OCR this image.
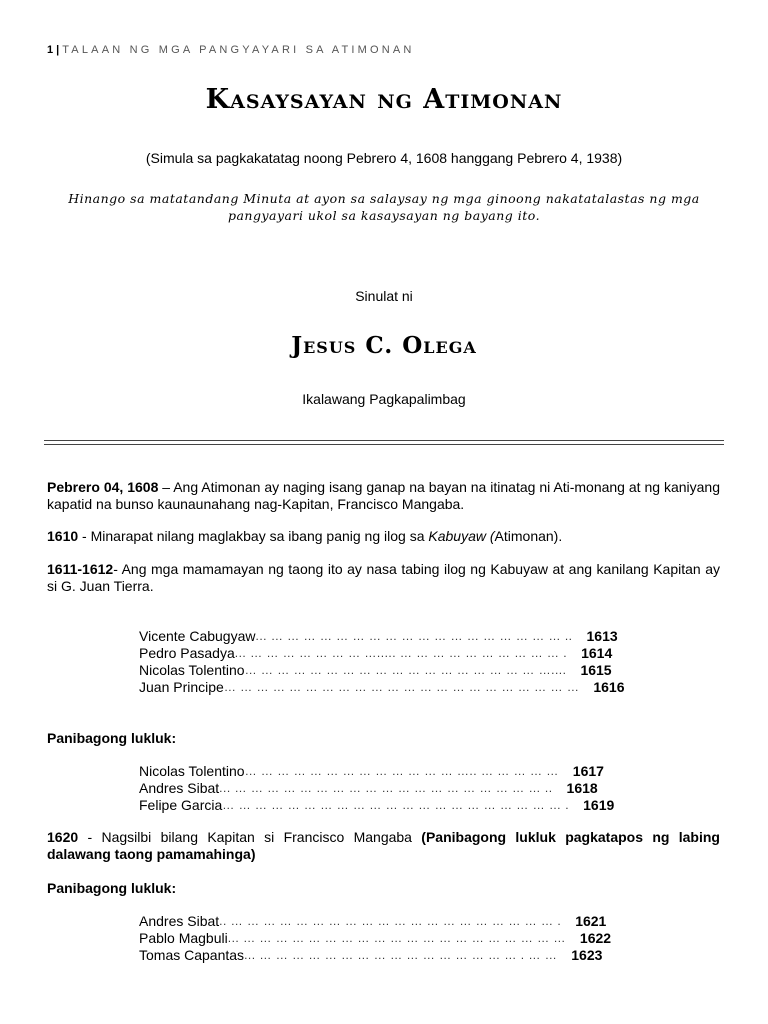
1 | TALAAN NG MGA PANGYAYARI SA ATIMONAN
Kasaysayan ng Atimonan
(Simula sa pagkakatatag noong Pebrero 4, 1608 hanggang Pebrero 4, 1938)
Hinango sa matatandang Minuta at ayon sa salaysay ng mga ginoong nakatatalastas ng mga pangyayari ukol sa kasaysayan ng bayang ito.
Sinulat ni
Jesus C. Olega
Ikalawang Pagkapalimbag
Pebrero 04, 1608 – Ang Atimonan ay naging isang ganap na bayan na itinatag ni Ati-monang at ng kaniyang kapatid na bunso kaunaunahang nag-Kapitan, Francisco Mangaba.
1610 - Minarapat nilang maglakbay sa ibang panig ng ilog sa Kabuyaw (Atimonan).
1611-1612- Ang mga mamamayan ng taong ito ay nasa tabing ilog ng Kabuyaw at ang kanilang Kapitan ay si G. Juan Tierra.
Vicente Cabugyaw ... … … … … … … … … … … … … … … … … … … ..	1613
Pedro Pasadya ... … … … … … … … …..... … … … … … … … … … … .	1614
Nicolas Tolentino … … … … … … … … … … … … … … … … … … …....	1615
Juan Principe … … … … … … … … … … … … … … … … … … … … … …	1616
Panibagong lukluk:
Nicolas Tolentino … … … … … … … … … … … … … ….. … … … … …	1617
Andres Sibat ... … … … … … … … … … … … … … … … … … … … ..	1618
Felipe Garcia … … … … … … … … … … … … … … … … … … … … … .	1619
1620 - Nagsilbi bilang Kapitan si Francisco Mangaba (Panibagong lukluk pagkatapos ng labing dalawang taong pamamahinga)
Panibagong lukluk:
Andres Sibat .. … … … … … … … … … … … … … … … … … … … … .	1621
Pablo Magbuli ... … … … … … … … … … … … … … … … … … … … …	1622
Tomas Capantas ... … … … … … … … … … … … … … … … … . … …	1623
